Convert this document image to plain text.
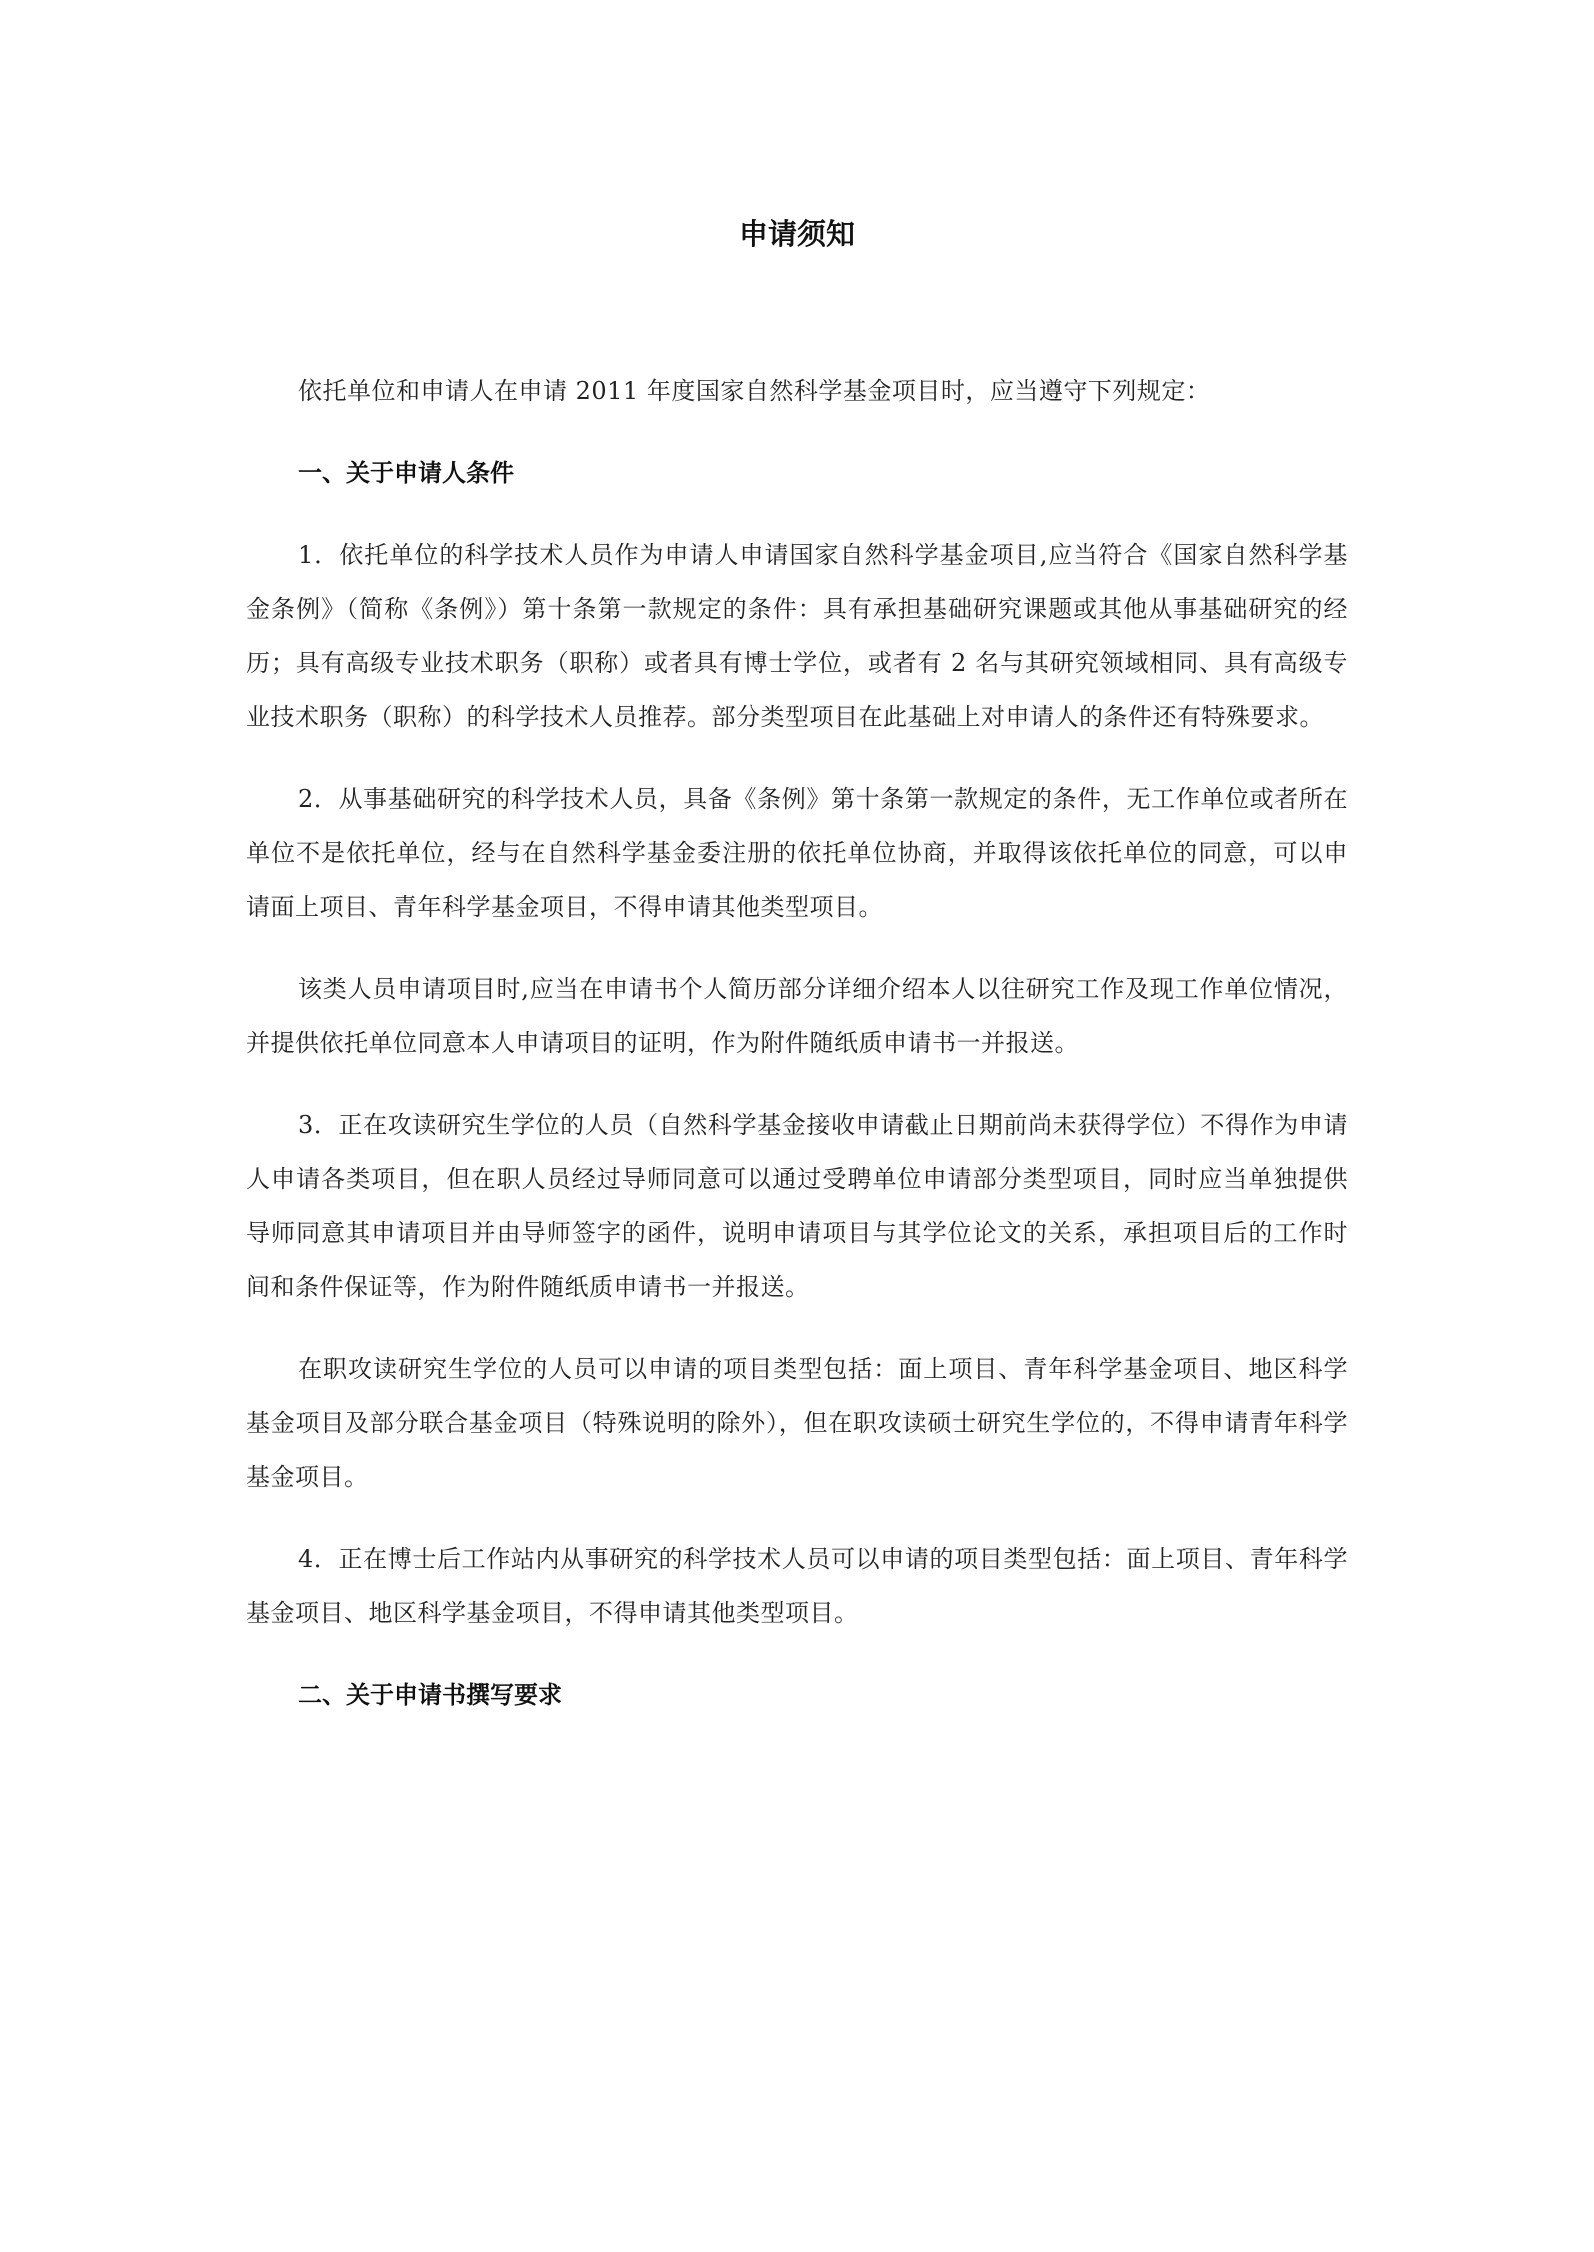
申请须知

依托单位和申请人在申请 2011 年度国家自然科学基金项目时，应当遵守下列规定：

一、关于申请人条件

1．依托单位的科学技术人员作为申请人申请国家自然科学基金项目,应当符合《国家自然科学基金条例》（简称《条例》）第十条第一款规定的条件：具有承担基础研究课题或其他从事基础研究的经历；具有高级专业技术职务（职称）或者具有博士学位，或者有 2 名与其研究领域相同、具有高级专业技术职务（职称）的科学技术人员推荐。部分类型项目在此基础上对申请人的条件还有特殊要求。

2．从事基础研究的科学技术人员，具备《条例》第十条第一款规定的条件，无工作单位或者所在单位不是依托单位，经与在自然科学基金委注册的依托单位协商，并取得该依托单位的同意，可以申请面上项目、青年科学基金项目，不得申请其他类型项目。

该类人员申请项目时,应当在申请书个人简历部分详细介绍本人以往研究工作及现工作单位情况，并提供依托单位同意本人申请项目的证明，作为附件随纸质申请书一并报送。

3．正在攻读研究生学位的人员（自然科学基金接收申请截止日期前尚未获得学位）不得作为申请人申请各类项目，但在职人员经过导师同意可以通过受聘单位申请部分类型项目，同时应当单独提供导师同意其申请项目并由导师签字的函件，说明申请项目与其学位论文的关系，承担项目后的工作时间和条件保证等，作为附件随纸质申请书一并报送。

在职攻读研究生学位的人员可以申请的项目类型包括：面上项目、青年科学基金项目、地区科学基金项目及部分联合基金项目（特殊说明的除外），但在职攻读硕士研究生学位的，不得申请青年科学基金项目。

4．正在博士后工作站内从事研究的科学技术人员可以申请的项目类型包括：面上项目、青年科学基金项目、地区科学基金项目，不得申请其他类型项目。

二、关于申请书撰写要求
